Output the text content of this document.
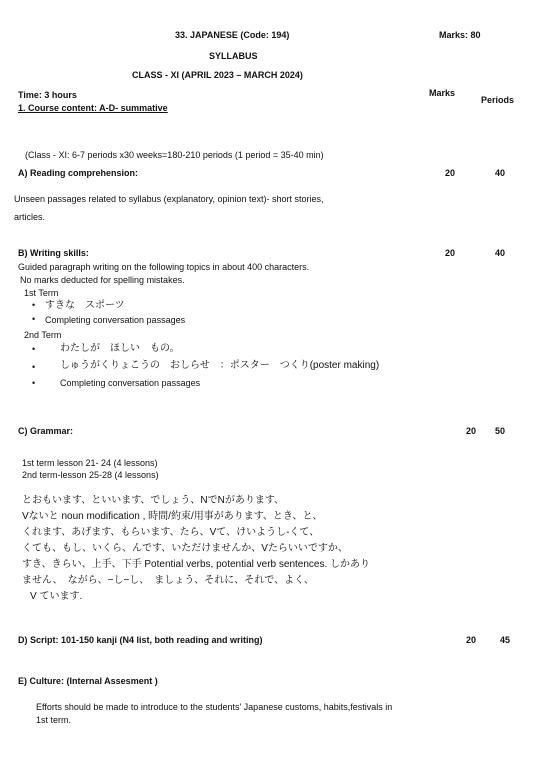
33. JAPANESE (Code: 194)	Marks: 80
SYLLABUS
CLASS - XI (APRIL 2023 – MARCH 2024)
Marks
Periods
Time: 3 hours
1. Course content: A-D- summative
(Class - XI: 6-7 periods x30 weeks=180-210 periods (1 period = 35-40 min)
A) Reading comprehension:	20	40
Unseen passages related to syllabus (explanatory, opinion text)- short stories,
articles.
B) Writing skills:	20	40
Guided paragraph writing on the following topics in about 400 characters.
No marks deducted for spelling mistakes.
1st Term
• すきな　スポーツ
• Completing conversation passages
2nd Term
• わたしが　ほしい　もの。
• しゅうがくりょこうの　おしらせ　：ポスター　つくり(poster making)
•	Completing conversation passages
C) Grammar:	20 50
1st term lesson 21- 24 (4 lessons)
2nd term-lesson 25-28 (4 lessons)
とおもいます、といいます、でしょう、NでNがあります、
Vないと noun modification , 時間/約束/用事があります、とき、と、
くれます、あげます、もらいます、たら、Vて、けいようし-くて、
くても、もし、いくら、んです、いただけませんか、Vたらいいですか、
すき、きらい、上手、下手 Potential verbs, potential verb sentences. しかあり
ません、　ながら、−し−し、　ましょう、それに、それで、よく、
V ています.
D) Script: 101-150 kanji (N4 list, both reading and writing)	20	45
E) Culture: (Internal Assesment )
Efforts should be made to introduce to the students' Japanese customs, habits,festivals in
1st term.
